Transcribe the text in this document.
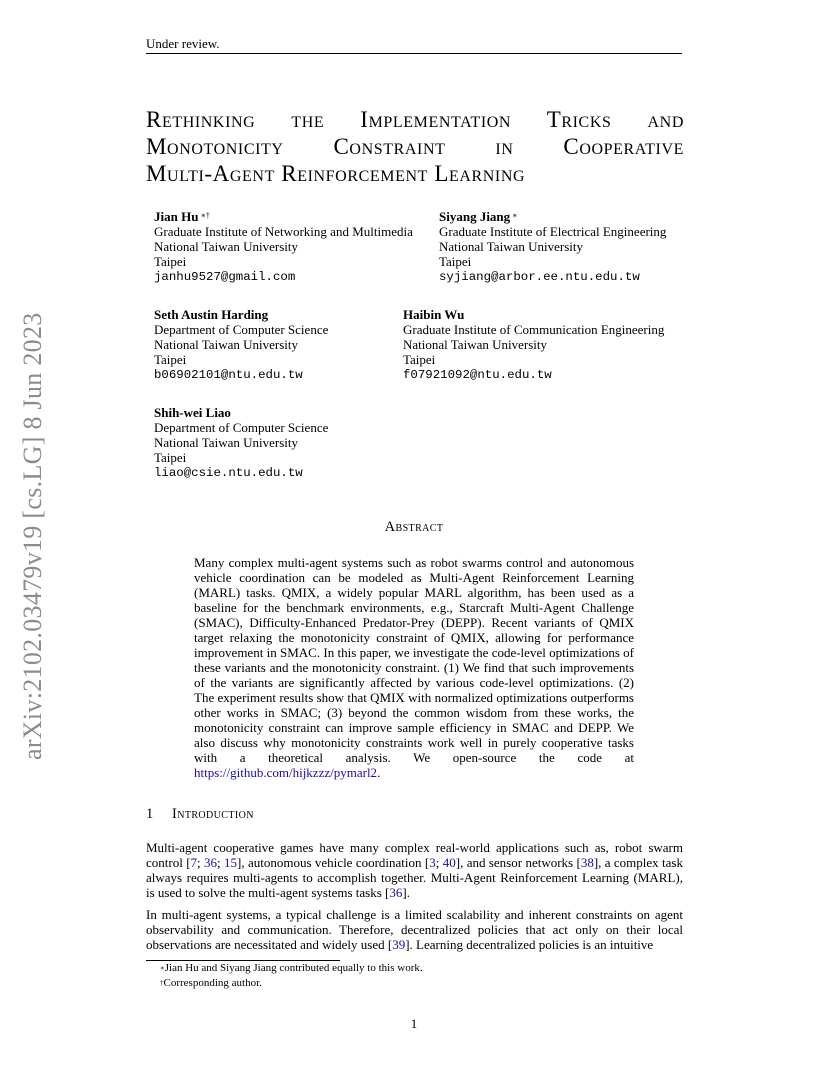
Under review.
arXiv:2102.03479v19 [cs.LG] 8 Jun 2023
Rethinking the Implementation Tricks and
Monotonicity Constraint in Cooperative
Multi-Agent Reinforcement Learning
Jian Hu ∗†
Graduate Institute of Networking and Multimedia
National Taiwan University
Taipei
janhu9527@gmail.com
Siyang Jiang ∗
Graduate Institute of Electrical Engineering
National Taiwan University
Taipei
syjiang@arbor.ee.ntu.edu.tw
Seth Austin Harding
Department of Computer Science
National Taiwan University
Taipei
b06902101@ntu.edu.tw
Haibin Wu
Graduate Institute of Communication Engineering
National Taiwan University
Taipei
f07921092@ntu.edu.tw
Shih-wei Liao
Department of Computer Science
National Taiwan University
Taipei
liao@csie.ntu.edu.tw
Abstract
Many complex multi-agent systems such as robot swarms control and autonomous vehicle coordination can be modeled as Multi-Agent Reinforcement Learning (MARL) tasks. QMIX, a widely popular MARL algorithm, has been used as a baseline for the benchmark environments, e.g., Starcraft Multi-Agent Challenge (SMAC), Difficulty-Enhanced Predator-Prey (DEPP). Recent variants of QMIX target relaxing the monotonicity constraint of QMIX, allowing for performance improvement in SMAC. In this paper, we investigate the code-level optimizations of these variants and the monotonicity constraint. (1) We find that such improvements of the variants are significantly affected by various code-level optimizations. (2) The experiment results show that QMIX with normalized optimizations outperforms other works in SMAC; (3) beyond the common wisdom from these works, the monotonicity constraint can improve sample efficiency in SMAC and DEPP. We also discuss why monotonicity constraints work well in purely cooperative tasks with a theoretical analysis. We open-source the code at https://github.com/hijkzzz/pymarl2.
1 Introduction
Multi-agent cooperative games have many complex real-world applications such as, robot swarm control [7; 36; 15], autonomous vehicle coordination [3; 40], and sensor networks [38], a complex task always requires multi-agents to accomplish together. Multi-Agent Reinforcement Learning (MARL), is used to solve the multi-agent systems tasks [36].
In multi-agent systems, a typical challenge is a limited scalability and inherent constraints on agent observability and communication. Therefore, decentralized policies that act only on their local observations are necessitated and widely used [39]. Learning decentralized policies is an intuitive
∗Jian Hu and Siyang Jiang contributed equally to this work.
†Corresponding author.
1
